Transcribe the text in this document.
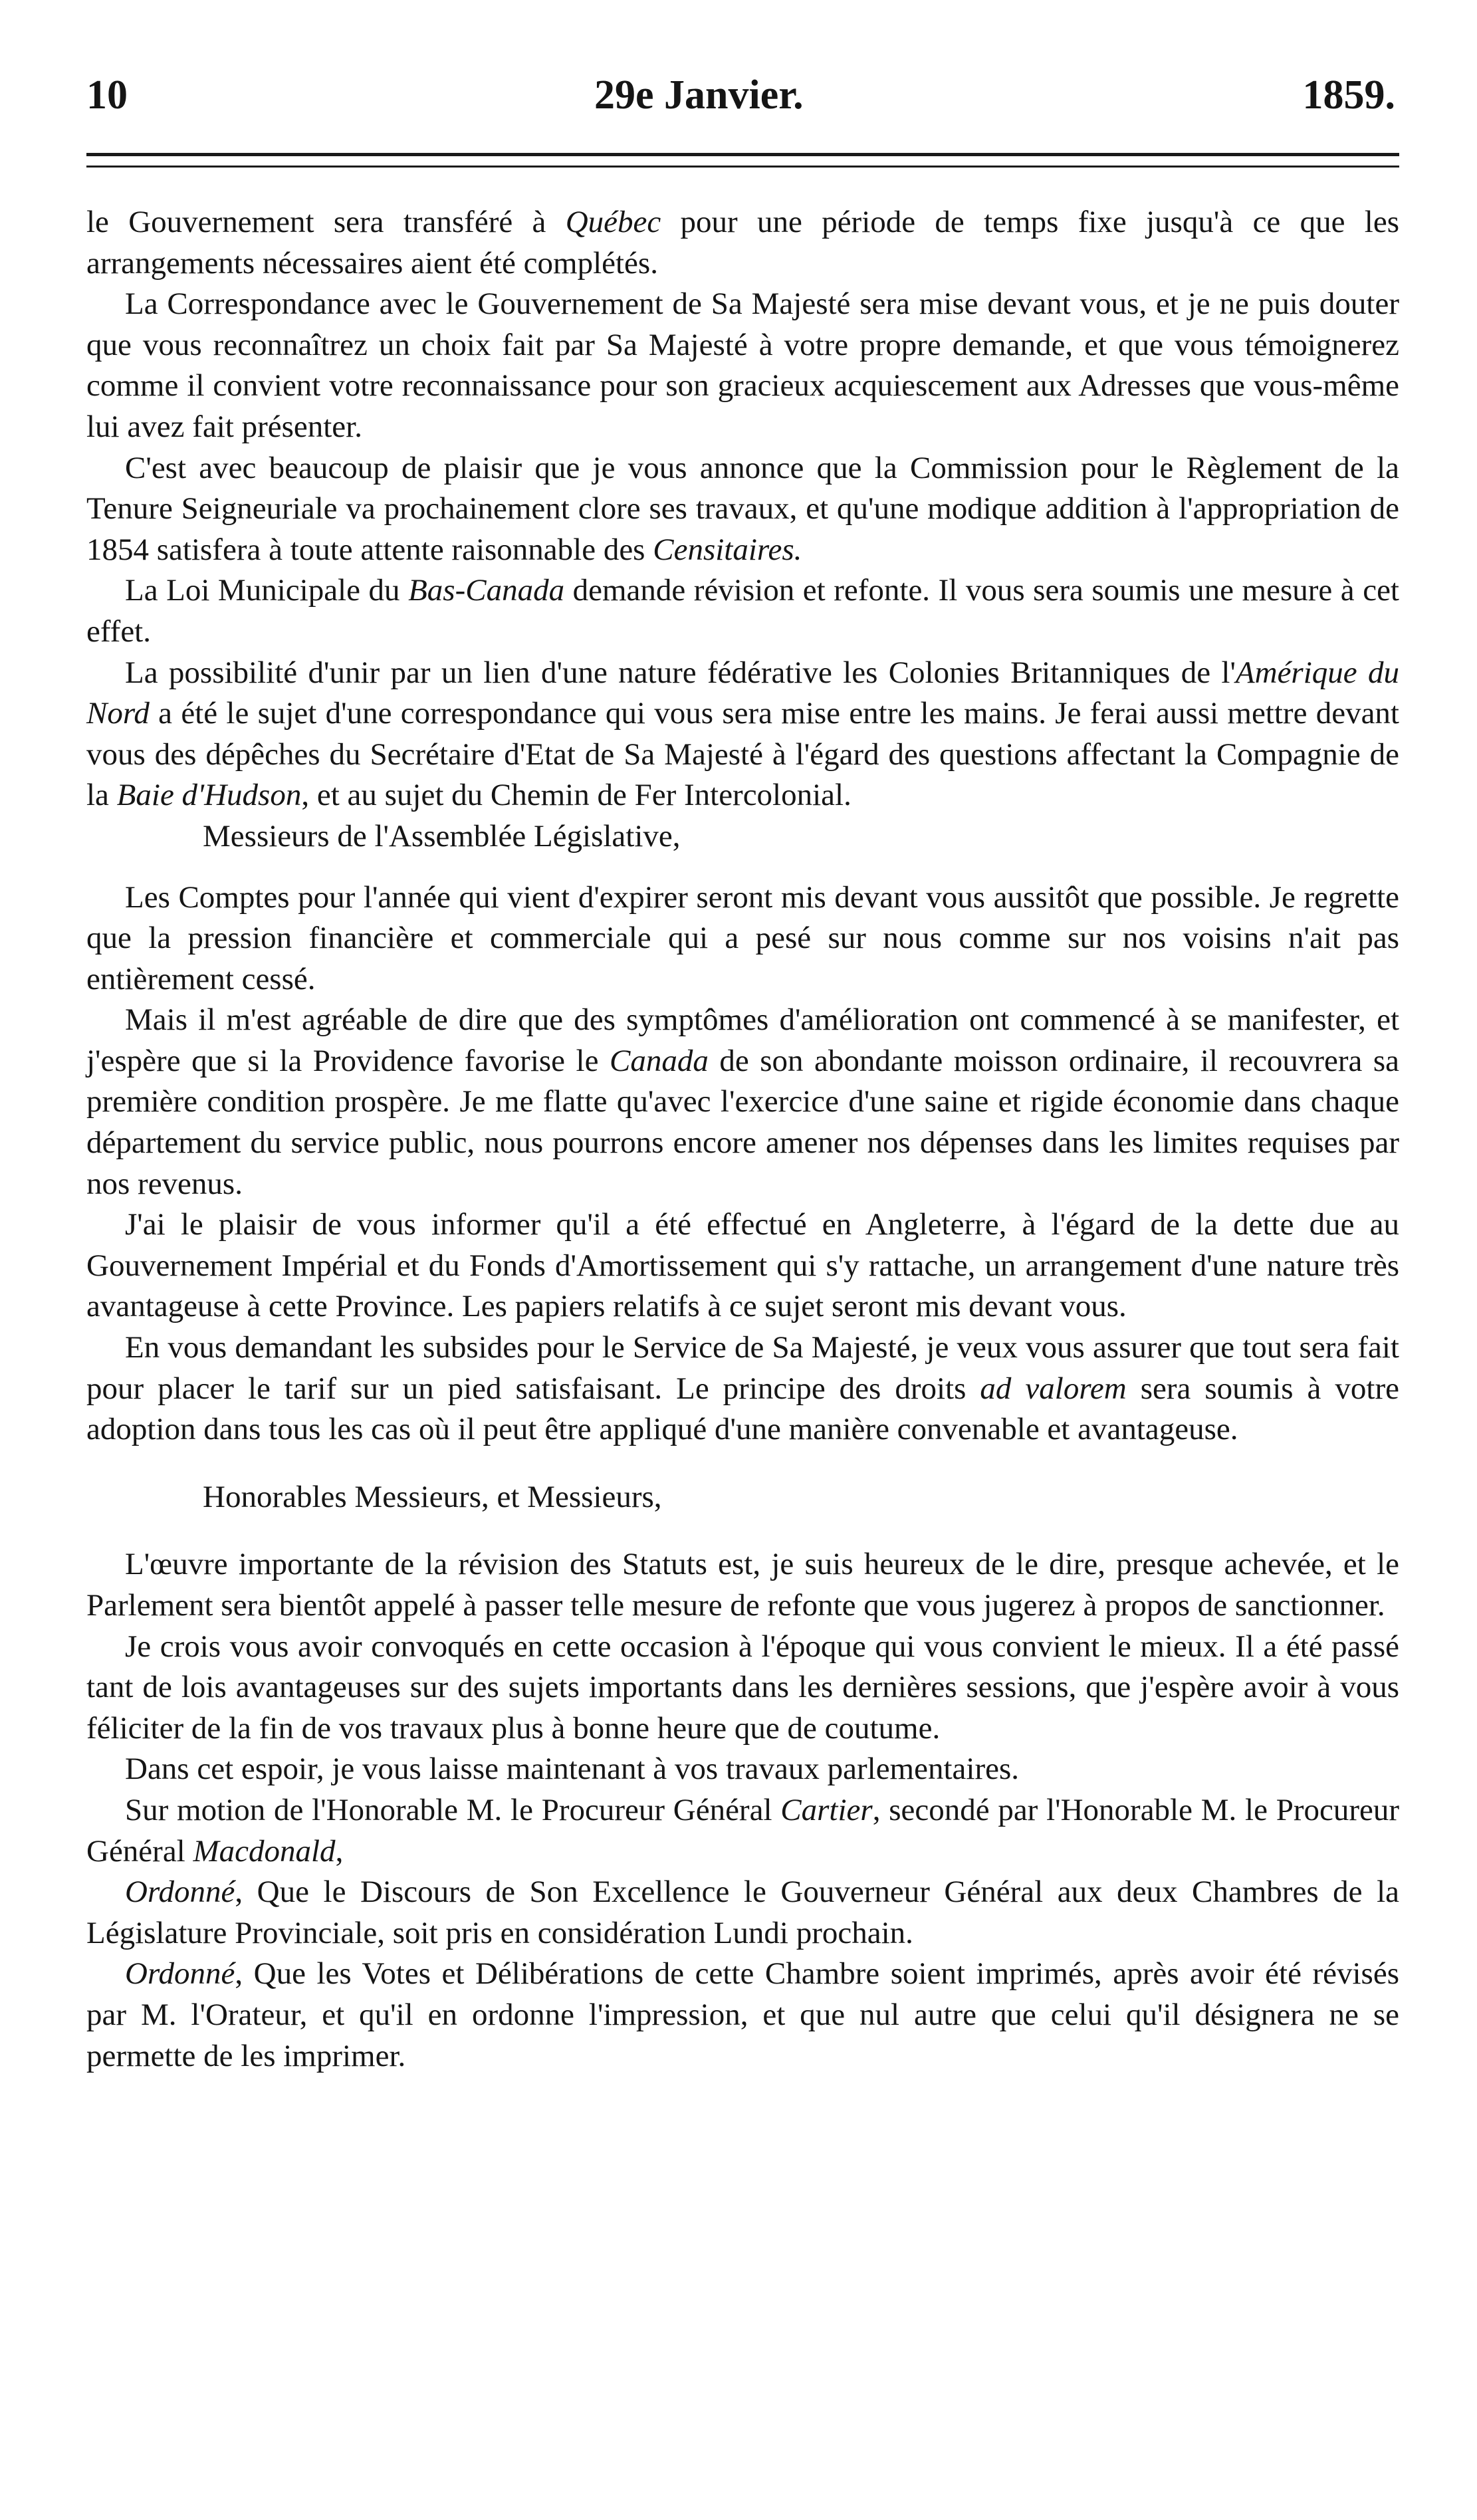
10	29e Janvier.	1859.

le Gouvernement sera transféré à Québec pour une période de temps fixe jusqu'à ce que les arrangements nécessaires aient été complétés.

La Correspondance avec le Gouvernement de Sa Majesté sera mise devant vous, et je ne puis douter que vous reconnaîtrez un choix fait par Sa Majesté à votre propre demande, et que vous témoignerez comme il convient votre reconnaissance pour son gracieux acquiescement aux Adresses que vous-même lui avez fait présenter.

C'est avec beaucoup de plaisir que je vous annonce que la Commission pour le Règlement de la Tenure Seigneuriale va prochainement clore ses travaux, et qu'une modique addition à l'appropriation de 1854 satisfera à toute attente raisonnable des Censitaires.

La Loi Municipale du Bas-Canada demande révision et refonte. Il vous sera soumis une mesure à cet effet.

La possibilité d'unir par un lien d'une nature fédérative les Colonies Britanniques de l'Amérique du Nord a été le sujet d'une correspondance qui vous sera mise entre les mains. Je ferai aussi mettre devant vous des dépêches du Secrétaire d'Etat de Sa Majesté à l'égard des questions affectant la Compagnie de la Baie d'Hudson, et au sujet du Chemin de Fer Intercolonial.

Messieurs de l'Assemblée Législative,

Les Comptes pour l'année qui vient d'expirer seront mis devant vous aussitôt que possible. Je regrette que la pression financière et commerciale qui a pesé sur nous comme sur nos voisins n'ait pas entièrement cessé.

Mais il m'est agréable de dire que des symptômes d'amélioration ont commencé à se manifester, et j'espère que si la Providence favorise le Canada de son abondante moisson ordinaire, il recouvrera sa première condition prospère. Je me flatte qu'avec l'exercice d'une saine et rigide économie dans chaque département du service public, nous pourrons encore amener nos dépenses dans les limites requises par nos revenus.

J'ai le plaisir de vous informer qu'il a été effectué en Angleterre, à l'égard de la dette due au Gouvernement Impérial et du Fonds d'Amortissement qui s'y rattache, un arrangement d'une nature très avantageuse à cette Province. Les papiers relatifs à ce sujet seront mis devant vous.

En vous demandant les subsides pour le Service de Sa Majesté, je veux vous assurer que tout sera fait pour placer le tarif sur un pied satisfaisant. Le principe des droits ad valorem sera soumis à votre adoption dans tous les cas où il peut être appliqué d'une manière convenable et avantageuse.

Honorables Messieurs, et Messieurs,

L'œuvre importante de la révision des Statuts est, je suis heureux de le dire, presque achevée, et le Parlement sera bientôt appelé à passer telle mesure de refonte que vous jugerez à propos de sanctionner.

Je crois vous avoir convoqués en cette occasion à l'époque qui vous convient le mieux. Il a été passé tant de lois avantageuses sur des sujets importants dans les dernières sessions, que j'espère avoir à vous féliciter de la fin de vos travaux plus à bonne heure que de coutume.

Dans cet espoir, je vous laisse maintenant à vos travaux parlementaires.

Sur motion de l'Honorable M. le Procureur Général Cartier, secondé par l'Honorable M. le Procureur Général Macdonald,

Ordonné, Que le Discours de Son Excellence le Gouverneur Général aux deux Chambres de la Législature Provinciale, soit pris en considération Lundi prochain.

Ordonné, Que les Votes et Délibérations de cette Chambre soient imprimés, après avoir été révisés par M. l'Orateur, et qu'il en ordonne l'impression, et que nul autre que celui qu'il désignera ne se permette de les imprimer.
